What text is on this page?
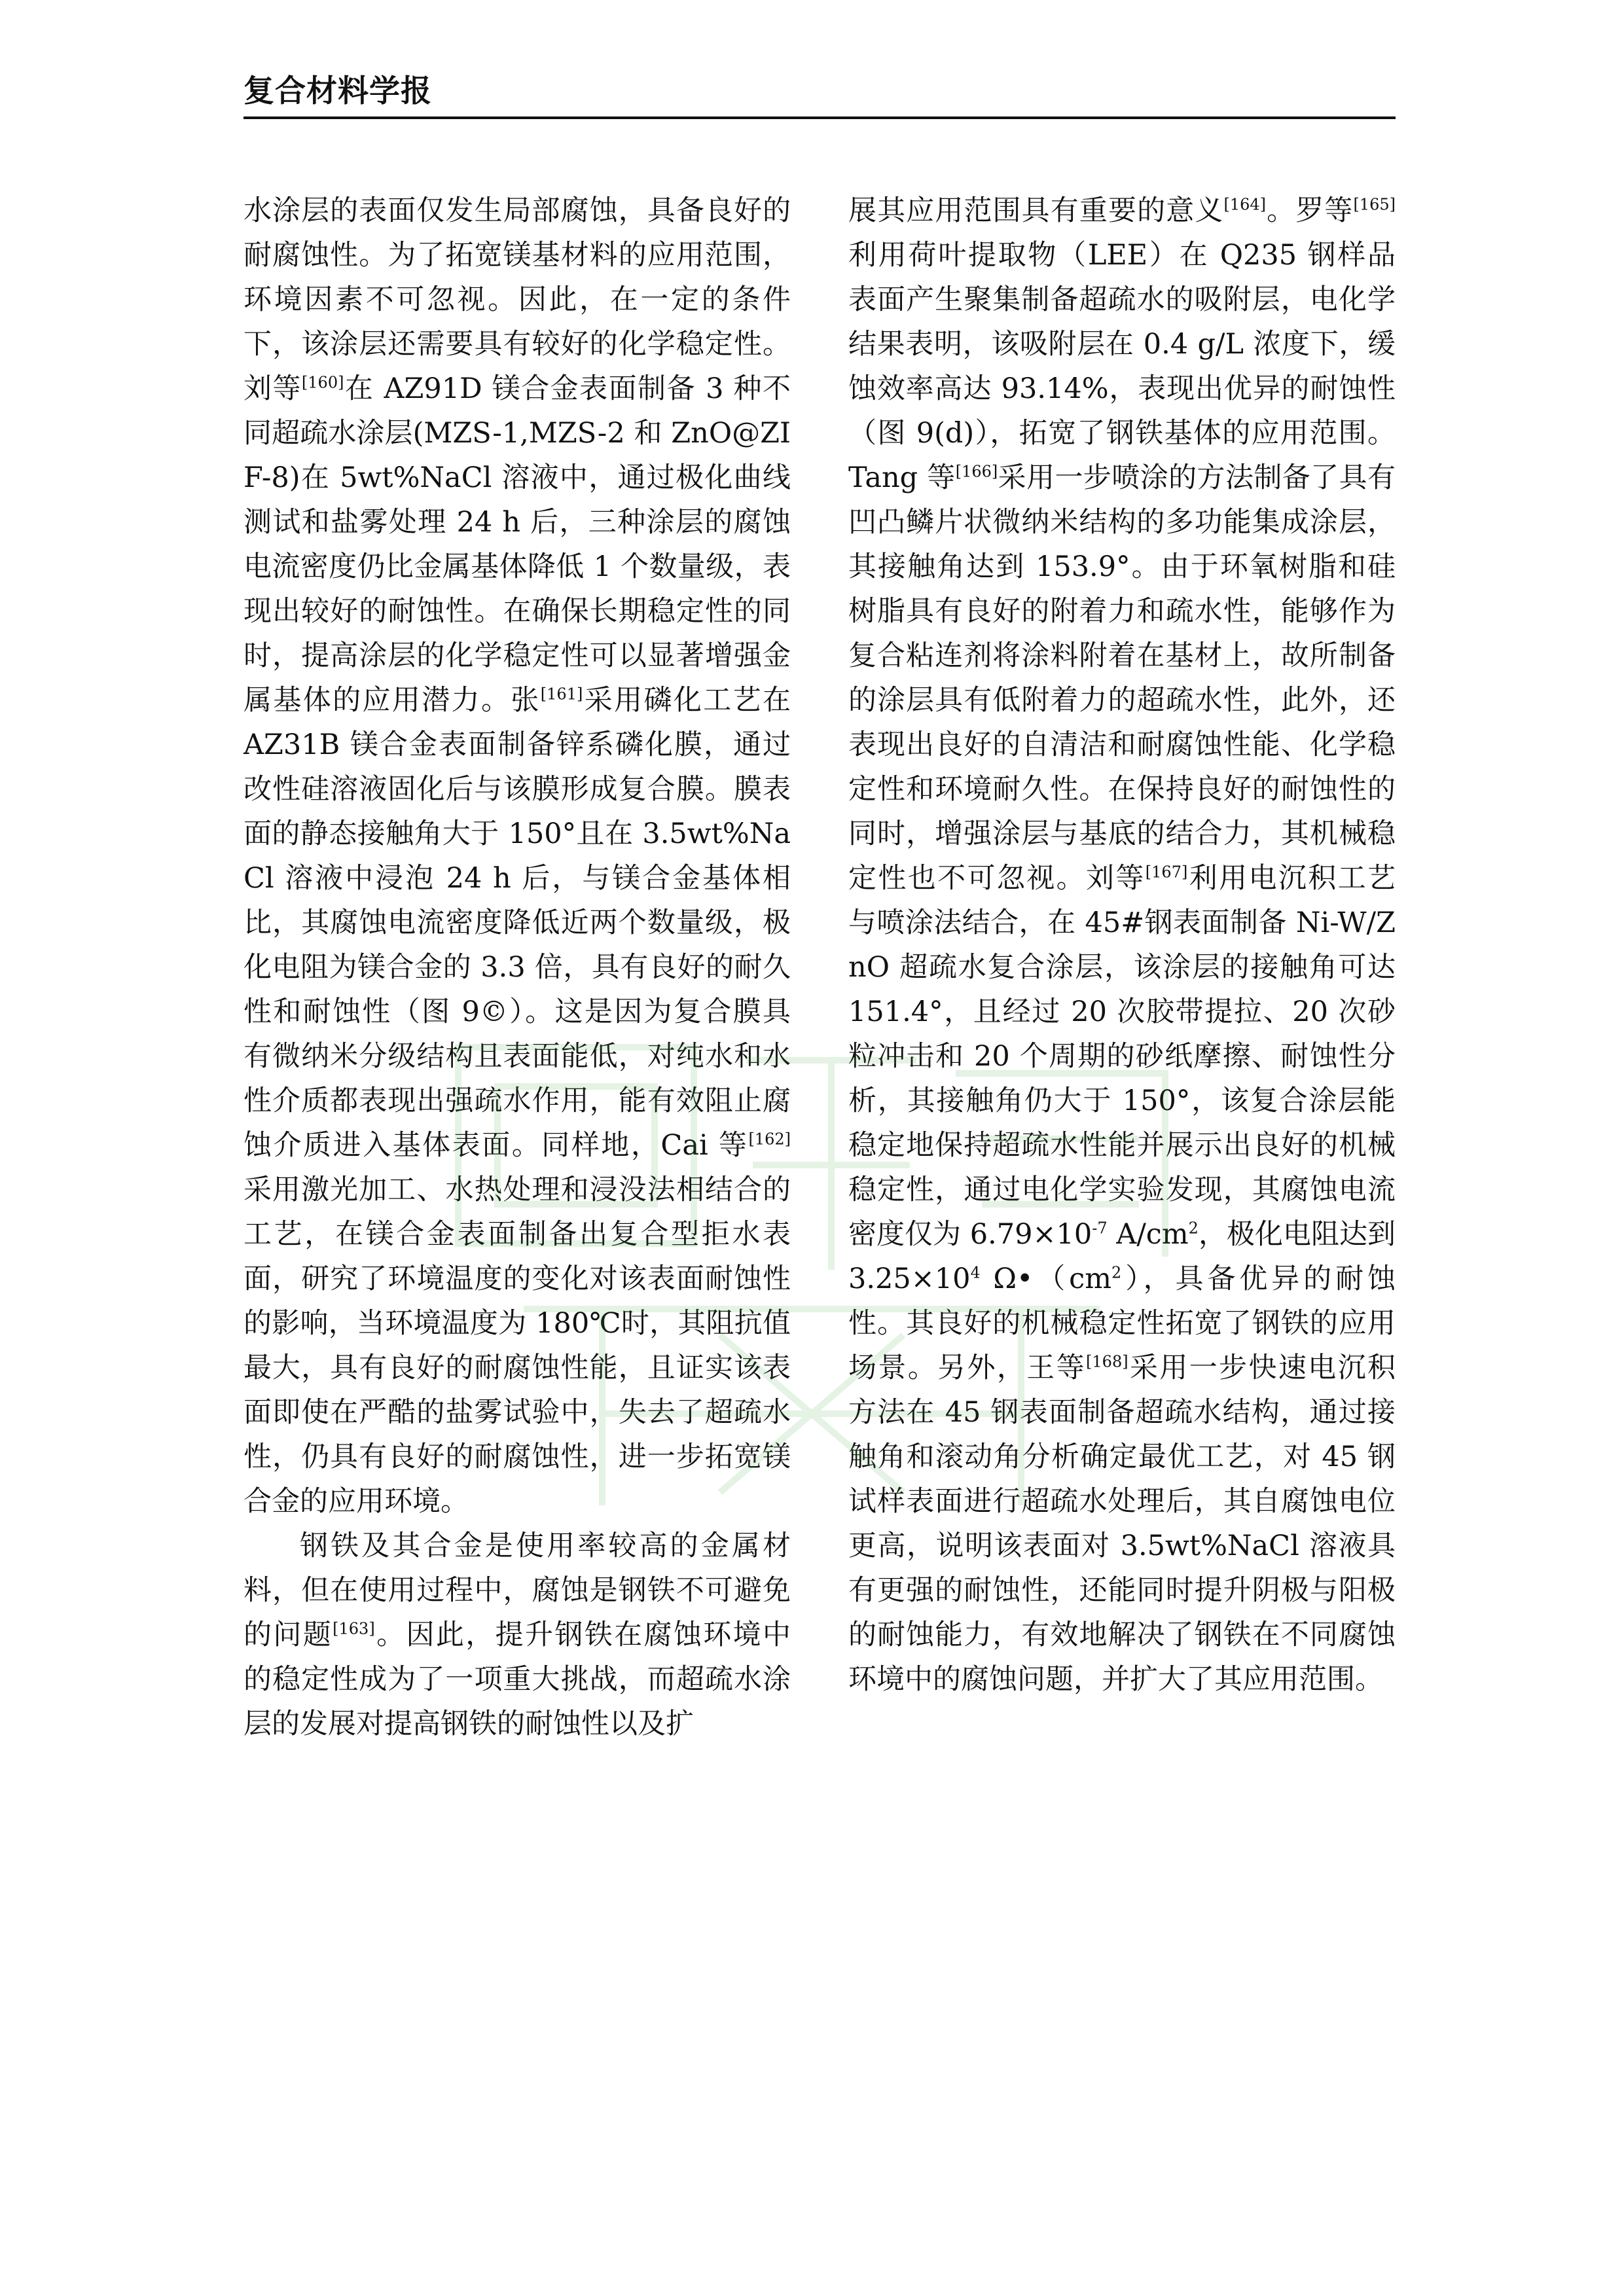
复合材料学报

水涂层的表面仅发生局部腐蚀，具备良好的耐腐蚀性。为了拓宽镁基材料的应用范围，环境因素不可忽视。因此，在一定的条件下，该涂层还需要具有较好的化学稳定性。刘等[160]在 AZ91D 镁合金表面制备 3 种不同超疏水涂层(MZS-1,MZS-2 和 ZnO@ZIF-8)在 5wt%NaCl 溶液中，通过极化曲线测试和盐雾处理 24 h 后，三种涂层的腐蚀电流密度仍比金属基体降低 1 个数量级，表现出较好的耐蚀性。在确保长期稳定性的同时，提高涂层的化学稳定性可以显著增强金属基体的应用潜力。张[161]采用磷化工艺在 AZ31B 镁合金表面制备锌系磷化膜，通过改性硅溶液固化后与该膜形成复合膜。膜表面的静态接触角大于 150°且在 3.5wt%NaCl 溶液中浸泡 24 h 后，与镁合金基体相比，其腐蚀电流密度降低近两个数量级，极化电阻为镁合金的 3.3 倍，具有良好的耐久性和耐蚀性（图 9©）。这是因为复合膜具有微纳米分级结构且表面能低，对纯水和水性介质都表现出强疏水作用，能有效阻止腐蚀介质进入基体表面。同样地，Cai 等[162]采用激光加工、水热处理和浸没法相结合的工艺，在镁合金表面制备出复合型拒水表面，研究了环境温度的变化对该表面耐蚀性的影响，当环境温度为 180℃时，其阻抗值最大，具有良好的耐腐蚀性能，且证实该表面即使在严酷的盐雾试验中，失去了超疏水性，仍具有良好的耐腐蚀性，进一步拓宽镁合金的应用环境。

钢铁及其合金是使用率较高的金属材料，但在使用过程中，腐蚀是钢铁不可避免的问题[163]。因此，提升钢铁在腐蚀环境中的稳定性成为了一项重大挑战，而超疏水涂层的发展对提高钢铁的耐蚀性以及扩

展其应用范围具有重要的意义[164]。罗等[165]利用荷叶提取物（LEE）在 Q235 钢样品表面产生聚集制备超疏水的吸附层，电化学结果表明，该吸附层在 0.4 g/L 浓度下，缓蚀效率高达 93.14%，表现出优异的耐蚀性（图 9(d)），拓宽了钢铁基体的应用范围。Tang 等[166]采用一步喷涂的方法制备了具有凹凸鳞片状微纳米结构的多功能集成涂层，其接触角达到 153.9°。由于环氧树脂和硅树脂具有良好的附着力和疏水性，能够作为复合粘连剂将涂料附着在基材上，故所制备的涂层具有低附着力的超疏水性，此外，还表现出良好的自清洁和耐腐蚀性能、化学稳定性和环境耐久性。在保持良好的耐蚀性的同时，增强涂层与基底的结合力，其机械稳定性也不可忽视。刘等[167]利用电沉积工艺与喷涂法结合，在 45#钢表面制备 Ni-W/ZnO 超疏水复合涂层，该涂层的接触角可达 151.4°，且经过 20 次胶带提拉、20 次砂粒冲击和 20 个周期的砂纸摩擦、耐蚀性分析，其接触角仍大于 150°，该复合涂层能稳定地保持超疏水性能并展示出良好的机械稳定性，通过电化学实验发现，其腐蚀电流密度仅为 $6.79\times 10^{-7}$ $A/cm^2$，极化电阻达到 $3.25\times 10^4$ $\Omega•(cm^2)$，具备优异的耐蚀性。其良好的机械稳定性拓宽了钢铁的应用场景。另外，王等[168]采用一步快速电沉积方法在 45 钢表面制备超疏水结构，通过接触角和滚动角分析确定最优工艺，对 45 钢试样表面进行超疏水处理后，其自腐蚀电位更高，说明该表面对 3.5wt%NaCl 溶液具有更强的耐蚀性，还能同时提升阴极与阳极的耐蚀能力，有效地解决了钢铁在不同腐蚀环境中的腐蚀问题，并扩大了其应用范围。
